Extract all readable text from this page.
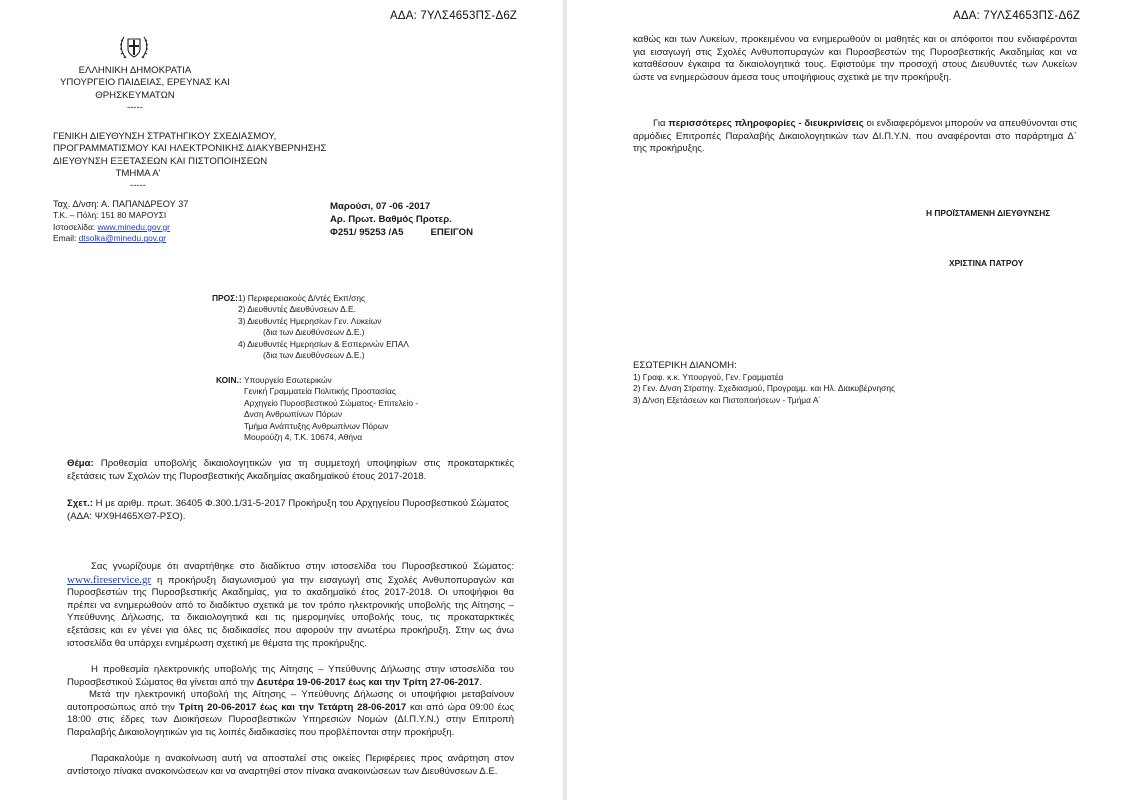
ΑΔΑ: 7ΥΛΣ4653ΠΣ-Δ6Ζ
ΕΛΛΗΝΙΚΗ ΔΗΜΟΚΡΑΤΙΑ
ΥΠΟΥΡΓΕΙΟ ΠΑΙΔΕΙΑΣ, ΕΡΕΥΝΑΣ ΚΑΙ
ΘΡΗΣΚΕΥΜΑΤΩΝ
-----
ΓΕΝΙΚΗ ΔΙΕΥΘΥΝΣΗ ΣΤΡΑΤΗΓΙΚΟΥ ΣΧΕΔΙΑΣΜΟΥ,
ΠΡΟΓΡΑΜΜΑΤΙΣΜΟΥ ΚΑΙ ΗΛΕΚΤΡΟΝΙΚΗΣ ΔΙΑΚΥΒΕΡΝΗΣΗΣ
ΔΙΕΥΘΥΝΣΗ ΕΞΕΤΑΣΕΩΝ ΚΑΙ ΠΙΣΤΟΠΟΙΗΣΕΩΝ
ΤΜΗΜΑ Α'
-----
Ταχ. Δ/νση: Α. ΠΑΠΑΝΔΡΕΟΥ 37
Τ.Κ. – Πόλη: 151 80 ΜΑΡΟΥΣΙ
Ιστοσελίδα: www.minedu.gov.gr
Email: dtsolka@minedu.gov.gr
Μαρούσι, 07 -06 -2017
Αρ. Πρωτ. Βαθμός Προτερ.
Φ251/ 95253 /Α5	ΕΠΕΙΓΟΝ
ΠΡΟΣ: 1) Περιφερειακούς Δ/ντές Εκπ/σης
2) Διευθυντές Διευθύνσεων Δ.Ε.
3) Διευθυντές Ημερησίων Γεν. Λυκείων
(δια των Διευθύνσεων Δ.Ε.)
4) Διευθυντές Ημερησίων & Εσπερινών ΕΠΑΛ
(δια των Διευθύνσεων Δ.Ε.)
ΚΟΙΝ.: Υπουργείο Εσωτερικών
Γενική Γραμματεία Πολιτικής Προστασίας
Αρχηγείο Πυροσβεστικού Σώματος- Επιτελείο -
Δνση Ανθρωπίνων Πόρων
Τμήμα Ανάπτυξης Ανθρωπίνων Πόρων
Μουρούζη 4, Τ.Κ. 10674, Αθήνα
Θέμα: Προθεσμία υποβολής δικαιολογητικών για τη συμμετοχή υποψηφίων στις προκαταρκτικές
εξετάσεις των Σχολών της Πυροσβεστικής Ακαδημίας ακαδημαϊκού έτους 2017-2018.
Σχετ.: Η με αριθμ. πρωτ. 36405 Φ.300.1/31-5-2017 Προκήρυξη του Αρχηγείου Πυροσβεστικού Σώματος
(ΑΔΑ: ΨΧ9Η465ΧΘ7-ΡΣΟ).
Σας γνωρίζουμε ότι αναρτήθηκε στο διαδίκτυο στην ιστοσελίδα του Πυροσβεστικού Σώματος:
www.fireservice.gr η προκήρυξη διαγωνισμού για την εισαγωγή στις Σχολές Ανθυποπυραγών και
Πυροσβεστών της Πυροσβεστικής Ακαδημίας, για το ακαδημαϊκό έτος 2017-2018. Οι υποψήφιοι θα
πρέπει να ενημερωθούν από το διαδίκτυο σχετικά με τον τρόπο ηλεκτρονικής υποβολής της Αίτησης –
Υπεύθυνης Δήλωσης, τα δικαιολογητικά και τις ημερομηνίες υποβολής τους, τις προκαταρκτικές
εξετάσεις και εν γένει για όλες τις διαδικασίες που αφορούν την ανωτέρω προκήρυξη. Στην ως άνω
ιστοσελίδα θα υπάρχει ενημέρωση σχετική με θέματα της προκήρυξης.
Η προθεσμία ηλεκτρονικής υποβολής της Αίτησης – Υπεύθυνης Δήλωσης στην ιστοσελίδα του
Πυροσβεστικού Σώματος θα γίνεται από την Δευτέρα 19-06-2017 έως και την Τρίτη 27-06-2017.
Μετά την ηλεκτρονική υποβολή της Αίτησης – Υπεύθυνης Δήλωσης οι υποψήφιοι μεταβαίνουν
αυτοπροσώπως από την Τρίτη 20-06-2017 έως και την Τετάρτη 28-06-2017 και από ώρα 09:00 έως
18:00 στις έδρες των Διοικήσεων Πυροσβεστικών Υπηρεσιών Νομών (ΔΙ.Π.Υ.Ν.) στην Επιτροπή
Παραλαβής Δικαιολογητικών για τις λοιπές διαδικασίες που προβλέπονται στην προκήρυξη.
Παρακαλούμε η ανακοίνωση αυτή να αποσταλεί στις οικείες Περιφέρειες προς ανάρτηση στον
αντίστοιχο πίνακα ανακοινώσεων και να αναρτηθεί στον πίνακα ανακοινώσεων των Διευθύνσεων Δ.Ε.
ΑΔΑ: 7ΥΛΣ4653ΠΣ-Δ6Ζ
καθώς και των Λυκείων, προκειμένου να ενημερωθούν οι μαθητές και οι απόφοιτοι που ενδιαφέρονται
για εισαγωγή στις Σχολές Ανθυποπυραγών και Πυροσβεστών της Πυροσβεστικής Ακαδημίας και να
καταθέσουν έγκαιρα τα δικαιολογητικά τους. Εφιστούμε την προσοχή στους Διευθυντές των Λυκείων
ώστε να ενημερώσουν άμεσα τους υποψήφιους σχετικά με την προκήρυξη.
Για περισσότερες πληροφορίες - διευκρινίσεις οι ενδιαφερόμενοι μπορούν να απευθύνονται στις
αρμόδιες Επιτροπές Παραλαβής Δικαιολογητικών των ΔΙ.Π.Υ.Ν. που αναφέρονται στο παράρτημα Δ΄
της προκήρυξης.
Η ΠΡΟΪΣΤΑΜΕΝΗ ΔΙΕΥΘΥΝΣΗΣ
ΧΡΙΣΤΙΝΑ ΠΑΤΡΟΥ
ΕΣΩΤΕΡΙΚΗ ΔΙΑΝΟΜΗ:
1) Γραφ. κ.κ. Υπουργού, Γεν. Γραμματέα
2) Γεν. Δ/νση Στρατηγ. Σχεδιασμού, Προγραμμ. και Ηλ. Διακυβέρνησης
3) Δ/νση Εξετάσεων και Πιστοποιήσεων - Τμήμα Α΄
